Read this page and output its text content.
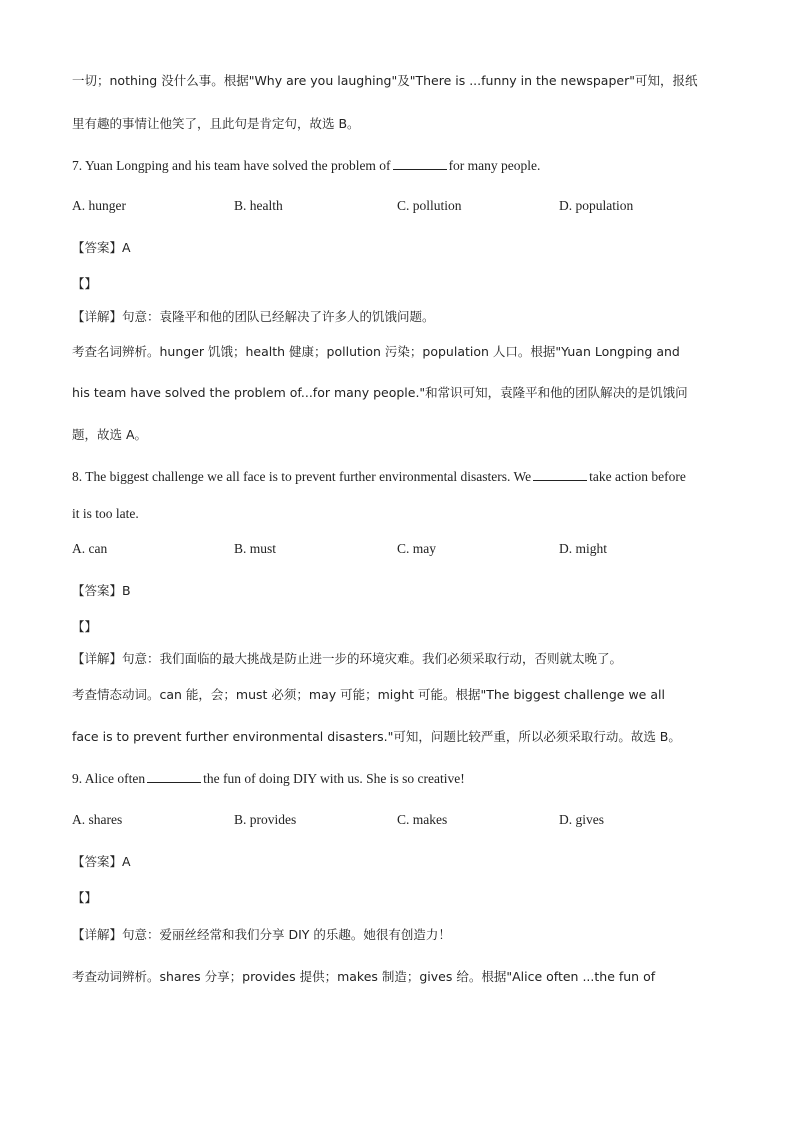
一切；nothing 没什么事。根据"Why are you laughing"及"There is ...funny in the newspaper"可知，报纸
里有趣的事情让他笑了，且此句是肯定句，故选 B。
7. Yuan Longping and his team have solved the problem of	for many people.
A. hunger	B. health	C. pollution	D. population
【答案】A
【】
【详解】句意：袁隆平和他的团队已经解决了许多人的饥饿问题。
考查名词辨析。hunger 饥饿；health 健康；pollution 污染；population 人口。根据"Yuan Longping and
his team have solved the problem of...for many people."和常识可知，袁隆平和他的团队解决的是饥饿问
题，故选 A。
8. The biggest challenge we all face is to prevent further environmental disasters. We	take action before
it is too late.
A. can	B. must	C. may	D. might
【答案】B
【】
【详解】句意：我们面临的最大挑战是防止进一步的环境灾难。我们必须采取行动，否则就太晚了。
考查情态动词。can 能，会；must 必须；may 可能；might 可能。根据"The biggest challenge we all
face is to prevent further environmental disasters."可知，问题比较严重，所以必须采取行动。故选 B。
9. Alice often	the fun of doing DIY with us. She is so creative!
A. shares	B. provides	C. makes	D. gives
【答案】A
【】
【详解】句意：爱丽丝经常和我们分享 DIY 的乐趣。她很有创造力！
考查动词辨析。shares 分享；provides 提供；makes 制造；gives 给。根据"Alice often ...the fun of
